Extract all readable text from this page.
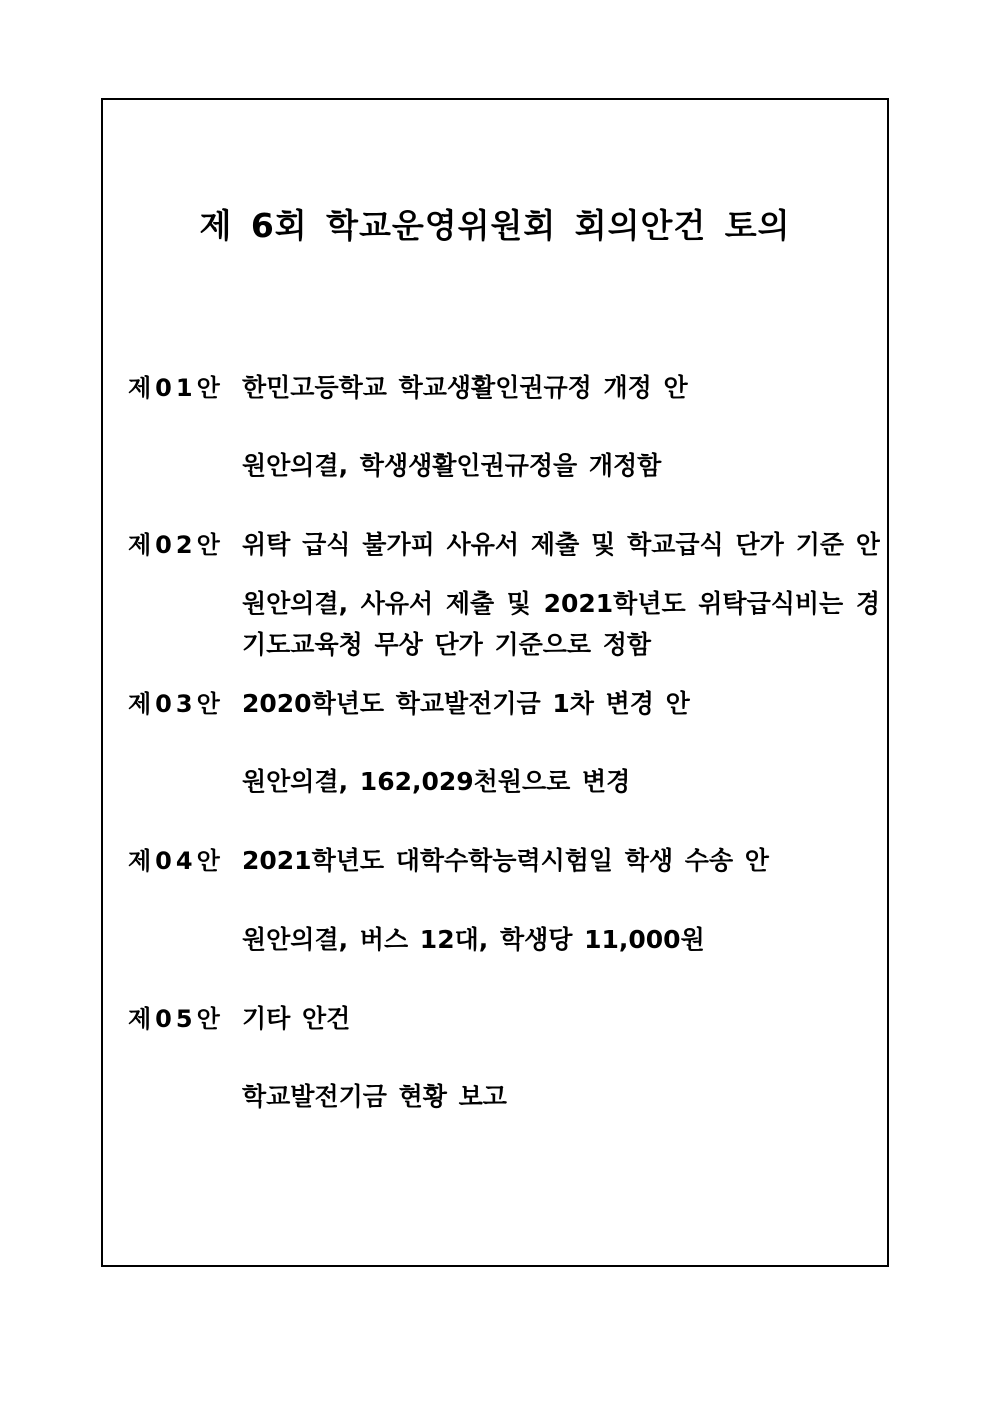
제 6회 학교운영위원회 회의안건 토의
제01안 한민고등학교 학교생활인권규정 개정 안
원안의결, 학생생활인권규정을 개정함
제02안 위탁 급식 불가피 사유서 제출 및 학교급식 단가 기준 안
원안의결, 사유서 제출 및 2021학년도 위탁급식비는 경
기도교육청 무상 단가 기준으로 정함
제03안 2020학년도 학교발전기금 1차 변경 안
원안의결, 162,029천원으로 변경
제04안 2021학년도 대학수학능력시험일 학생 수송 안
원안의결, 버스 12대, 학생당 11,000원
제05안 기타 안건
학교발전기금 현황 보고
